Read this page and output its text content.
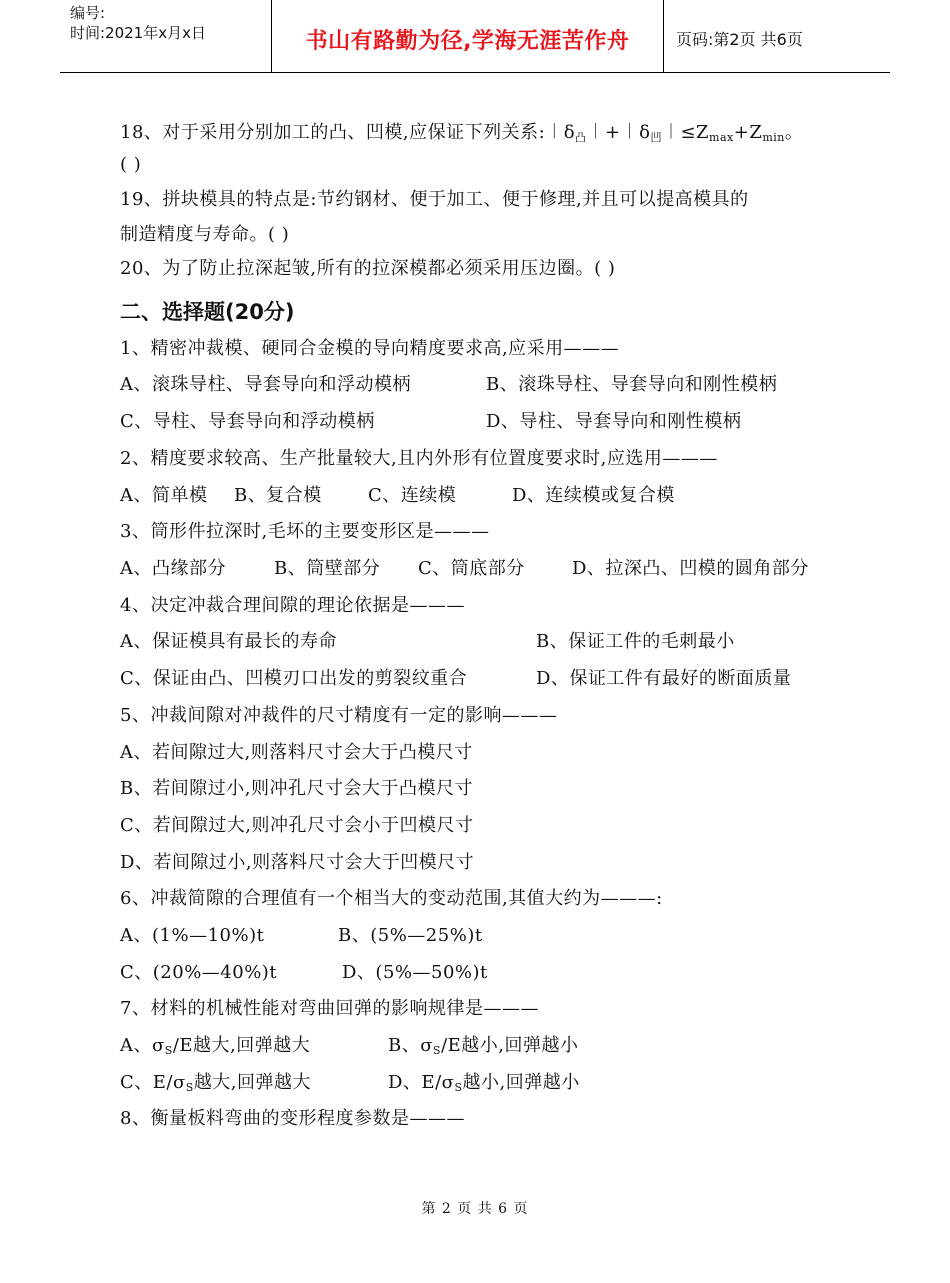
编号:
时间:2021年x月x日	书山有路勤为径,学海无涯苦作舟	页码:第2页 共6页
18、对于采用分别加工的凸、凹模,应保证下列关系$:︱\delta_凸︱+︱\delta_凹︱\le Z_{max}+Z_{min}$。
( )
19、拼块模具的特点是:节约钢材、便于加工、便于修理,并且可以提高模具的
制造精度与寿命。( )
20、为了防止拉深起皱,所有的拉深模都必须采用压边圈。( )
二、选择题(20分)
1、精密冲裁模、硬同合金模的导向精度要求高,应采用———
A、滚珠导柱、导套导向和浮动模柄	B、滚珠导柱、导套导向和刚性模柄
C、导柱、导套导向和浮动模柄	D、导柱、导套导向和刚性模柄
2、精度要求较高、生产批量较大,且内外形有位置度要求时,应选用———
A、简单模 B、复合模	C、连续模	D、连续模或复合模
3、筒形件拉深时,毛坏的主要变形区是———
A、凸缘部分	B、筒壁部分 C、筒底部分	D、拉深凸、凹模的圆角部分
4、决定冲裁合理间隙的理论依据是———
A、保证模具有最长的寿命	B、保证工件的毛刺最小
C、保证由凸、凹模刃口出发的剪裂纹重合	D、保证工件有最好的断面质量
5、冲裁间隙对冲裁件的尺寸精度有一定的影响———
A、若间隙过大,则落料尺寸会大于凸模尺寸
B、若间隙过小,则冲孔尺寸会大于凸模尺寸
C、若间隙过大,则冲孔尺寸会小于凹模尺寸
D、若间隙过小,则落料尺寸会大于凹模尺寸
6、冲裁简隙的合理值有一个相当大的变动范围,其值大约为———:
A、(1%—10%)t	B、(5%—25%)t
C、(20%—40%)t	D、(5%—50%)t
7、材料的机械性能对弯曲回弹的影响规律是———
A、$\sigma_S/E$越大,回弹越大	B、$\sigma_S/E$越小,回弹越小
C、$E/\sigma_S$越大,回弹越大	D、$E/\sigma_S$越小,回弹越小
8、衡量板料弯曲的变形程度参数是———
第 2 页 共 6 页
